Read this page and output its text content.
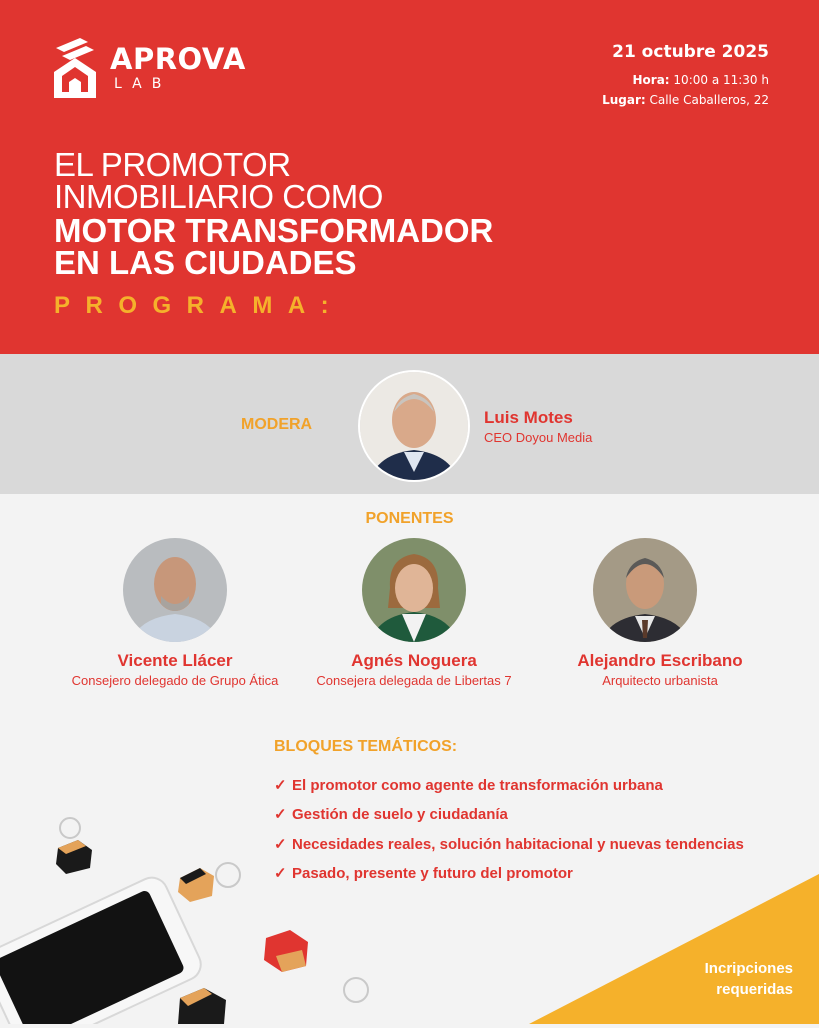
APROVA
LAB
21 octubre 2025
Hora: 10:00 a 11:30 h
Lugar: Calle Caballeros, 22
EL PROMOTOR
INMOBILIARIO COMO
MOTOR TRANSFORMADOR
EN LAS CIUDADES
PROGRAMA:
MODERA	Luis Motes
CEO Doyou Media
PONENTES
Vicente Llácer
Consejero delegado de Grupo Ática
Agnés Noguera
Consejera delegada de Libertas 7
Alejandro Escribano
Arquitecto urbanista
BLOQUES TEMÁTICOS:
✓ El promotor como agente de transformación urbana
✓ Gestión de suelo y ciudadanía
✓ Necesidades reales, solución habitacional y nuevas tendencias
✓ Pasado, presente y futuro del promotor
Incripciones
requeridas
